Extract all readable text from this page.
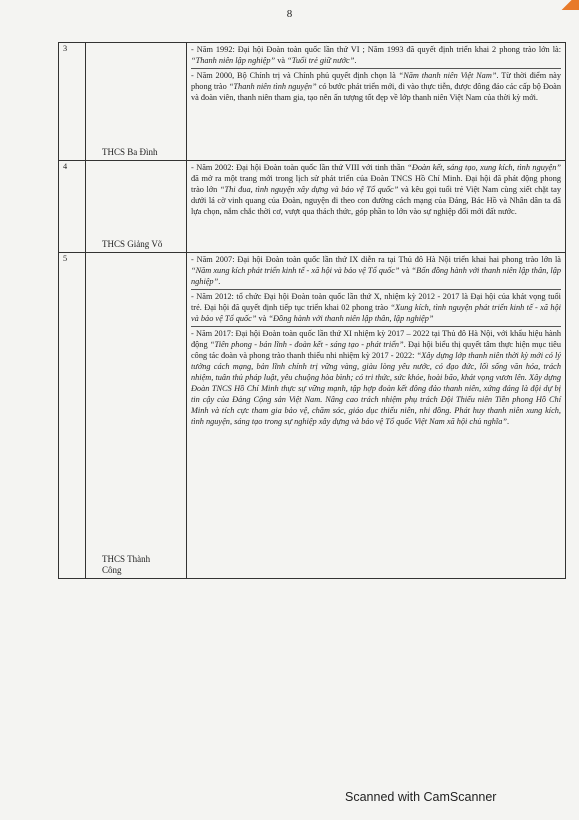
8
3	THCS Ba Đình	- Năm 1992: Đại hội Đoàn toàn quốc lần thứ VI ; Năm 1993 đã quyết định triển khai 2 phong trào lớn là: “Thanh niên lập nghiệp” và “Tuổi trẻ giữ nước”.
- Năm 2000, Bộ Chính trị và Chính phủ quyết định chọn là “Năm thanh niên Việt Nam”. Từ thời điểm này phong trào “Thanh niên tình nguyện” có bước phát triển mới, đi vào thực tiễn, được đông đảo các cấp bộ Đoàn và đoàn viên, thanh niên tham gia, tạo nên ấn tượng tốt đẹp về lớp thanh niên Việt Nam của thời kỳ mới.

4	THCS Giảng Võ	- Năm 2002: Đại hội Đoàn toàn quốc lần thứ VIII với tinh thần “Đoàn kết, sáng tạo, xung kích, tình nguyện” đã mở ra một trang mới trong lịch sử phát triển của Đoàn TNCS Hồ Chí Minh. Đại hội đã phát động phong trào lớn “Thi đua, tình nguyện xây dựng và bảo vệ Tổ quốc” và kêu gọi tuổi trẻ Việt Nam cùng xiết chặt tay dưới lá cờ vinh quang của Đoàn, nguyện đi theo con đường cách mạng của Đảng, Bác Hồ và Nhân dân ta đã lựa chọn, nắm chắc thời cơ, vượt qua thách thức, góp phần to lớn vào sự nghiệp đổi mới đất nước.

5	THCS Thành Công	- Năm 2007: Đại hội Đoàn toàn quốc lần thứ IX diễn ra tại Thủ đô Hà Nội triển khai hai phong trào lớn là “Năm xung kích phát triển kinh tế - xã hội và bảo vệ Tổ quốc” và “Bốn đồng hành với thanh niên lập thân, lập nghiệp”.
- Năm 2012: tổ chức Đại hội Đoàn toàn quốc lần thứ X, nhiệm kỳ 2012 - 2017 là Đại hội của khát vọng tuổi trẻ. Đại hội đã quyết định tiếp tục triển khai 02 phong trào “Xung kích, tình nguyện phát triển kinh tế - xã hội và bảo vệ Tổ quốc” và “Đồng hành với thanh niên lập thân, lập nghiệp”
- Năm 2017: Đại hội Đoàn toàn quốc lần thứ XI nhiệm kỳ 2017 – 2022 tại Thủ đô Hà Nội, với khẩu hiệu hành động “Tiên phong - bản lĩnh - đoàn kết - sáng tạo - phát triển”. Đại hội biểu thị quyết tâm thực hiện mục tiêu công tác đoàn và phong trào thanh thiếu nhi nhiệm kỳ 2017 - 2022: “Xây dựng lớp thanh niên thời kỳ mới có lý tưởng cách mạng, bản lĩnh chính trị vững vàng, giàu lòng yêu nước, có đạo đức, lối sống văn hóa, trách nhiệm, tuân thủ pháp luật, yêu chuộng hòa bình; có tri thức, sức khỏe, hoài bão, khát vọng vươn lên. Xây dựng Đoàn TNCS Hồ Chí Minh thực sự vững mạnh, tập hợp đoàn kết đông đảo thanh niên, xứng đáng là đội dự bị tin cậy của Đảng Cộng sản Việt Nam. Nâng cao trách nhiệm phụ trách Đội Thiếu niên Tiền phong Hồ Chí Minh và tích cực tham gia bảo vệ, chăm sóc, giáo dục thiếu niên, nhi đồng. Phát huy thanh niên xung kích, tình nguyện, sáng tạo trong sự nghiệp xây dựng và bảo vệ Tổ quốc Việt Nam xã hội chủ nghĩa”.
Scanned with CamScanner
